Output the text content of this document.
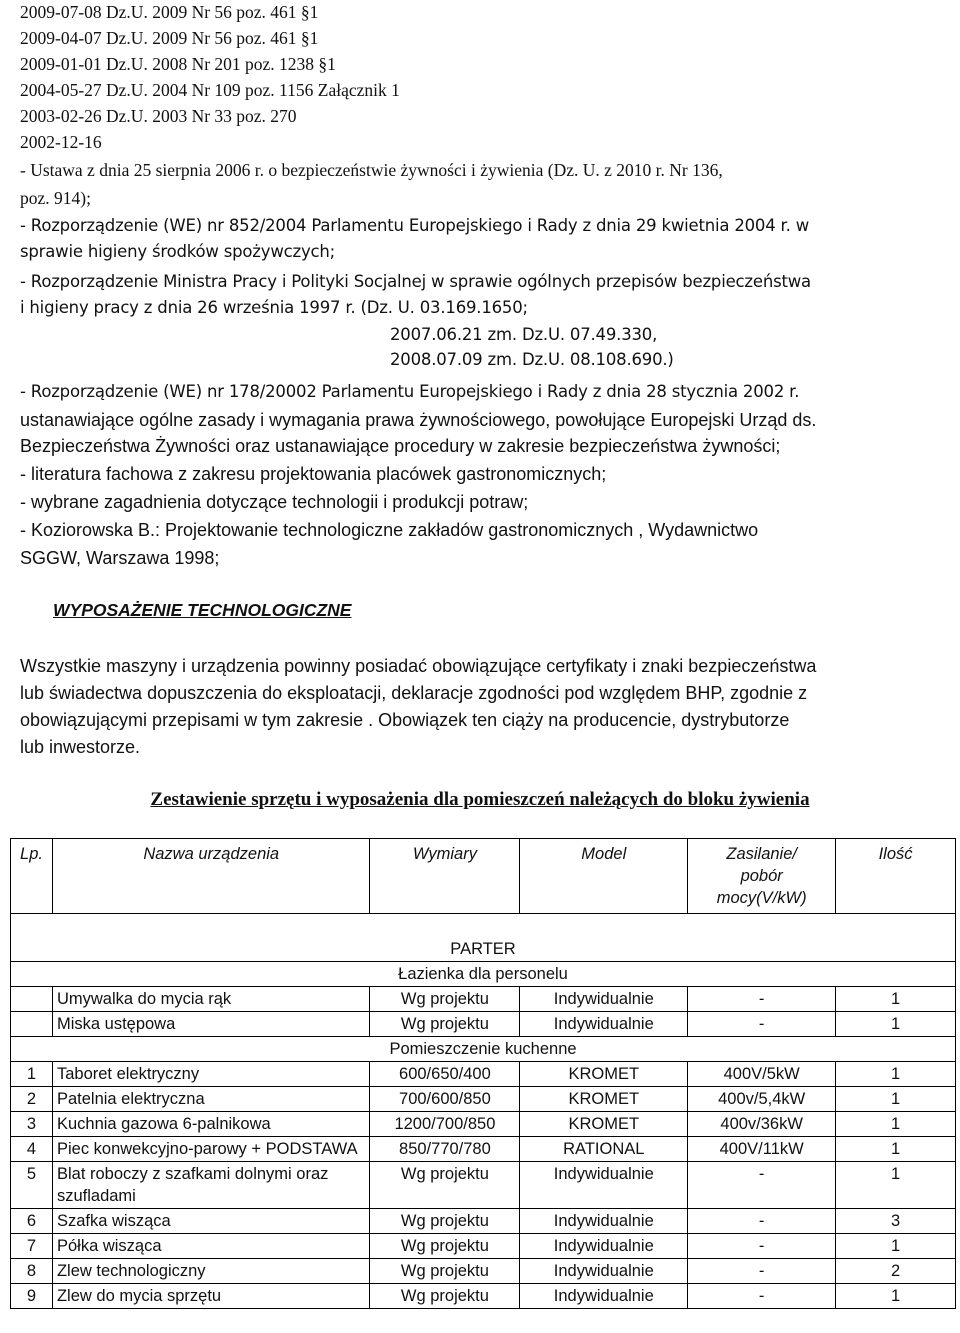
2009-07-08 Dz.U. 2009 Nr 56 poz. 461 §1
2009-04-07 Dz.U. 2009 Nr 56 poz. 461 §1
2009-01-01 Dz.U. 2008 Nr 201 poz. 1238 §1
2004-05-27 Dz.U. 2004 Nr 109 poz. 1156 Załącznik 1
2003-02-26 Dz.U. 2003 Nr 33 poz. 270
2002-12-16
- Ustawa z dnia 25 sierpnia 2006 r. o bezpieczeństwie żywności i żywienia (Dz. U. z 2010 r. Nr 136,
poz. 914);
- Rozporządzenie (WE) nr 852/2004 Parlamentu Europejskiego i Rady z dnia 29 kwietnia 2004 r. w
sprawie higieny środków spożywczych;
- Rozporządzenie Ministra Pracy i Polityki Socjalnej w sprawie ogólnych przepisów bezpieczeństwa
i higieny pracy z dnia 26 września 1997 r. (Dz. U. 03.169.1650;
2007.06.21 zm. Dz.U. 07.49.330,
2008.07.09 zm. Dz.U. 08.108.690.)
- Rozporządzenie (WE) nr 178/20002 Parlamentu Europejskiego i Rady z dnia 28 stycznia 2002 r.
ustanawiające ogólne zasady i wymagania prawa żywnościowego, powołujące Europejski Urząd ds.
Bezpieczeństwa Żywności oraz ustanawiające procedury w zakresie bezpieczeństwa żywności;
- literatura fachowa z zakresu projektowania placówek gastronomicznych;
- wybrane zagadnienia dotyczące technologii i produkcji potraw;
- Koziorowska B.: Projektowanie technologiczne zakładów gastronomicznych , Wydawnictwo
SGGW, Warszawa 1998;
WYPOSAŻENIE TECHNOLOGICZNE
Wszystkie maszyny i urządzenia powinny posiadać obowiązujące certyfikaty i znaki bezpieczeństwa
lub świadectwa dopuszczenia do eksploatacji, deklaracje zgodności pod względem BHP, zgodnie z
obowiązującymi przepisami w tym zakresie . Obowiązek ten ciąży na producencie, dystrybutorze
lub inwestorze.
Zestawienie sprzętu i wyposażenia dla pomieszczeń należących do bloku żywienia
Lp.	Nazwa urządzenia	Wymiary	Model	Zasilanie/ pobór mocy(V/kW)	Ilość
PARTER					
Łazienka dla personelu					
	Umywalka do mycia rąk	Wg projektu	Indywidualnie	-	1
	Miska ustępowa	Wg projektu	Indywidualnie	-	1
Pomieszczenie kuchenne					
1	Taboret elektryczny	600/650/400	KROMET	400V/5kW	1
2	Patelnia elektryczna	700/600/850	KROMET	400v/5,4kW	1
3	Kuchnia gazowa 6-palnikowa	1200/700/850	KROMET	400v/36kW	1
4	Piec konwekcyjno-parowy + PODSTAWA	850/770/780	RATIONAL	400V/11kW	1
5	Blat roboczy z szafkami dolnymi oraz szufladami	Wg projektu	Indywidualnie	-	1
6	Szafka wisząca	Wg projektu	Indywidualnie	-	3
7	Półka wisząca	Wg projektu	Indywidualnie	-	1
8	Zlew technologiczny	Wg projektu	Indywidualnie	-	2
9	Zlew do mycia sprzętu	Wg projektu	Indywidualnie	-	1
